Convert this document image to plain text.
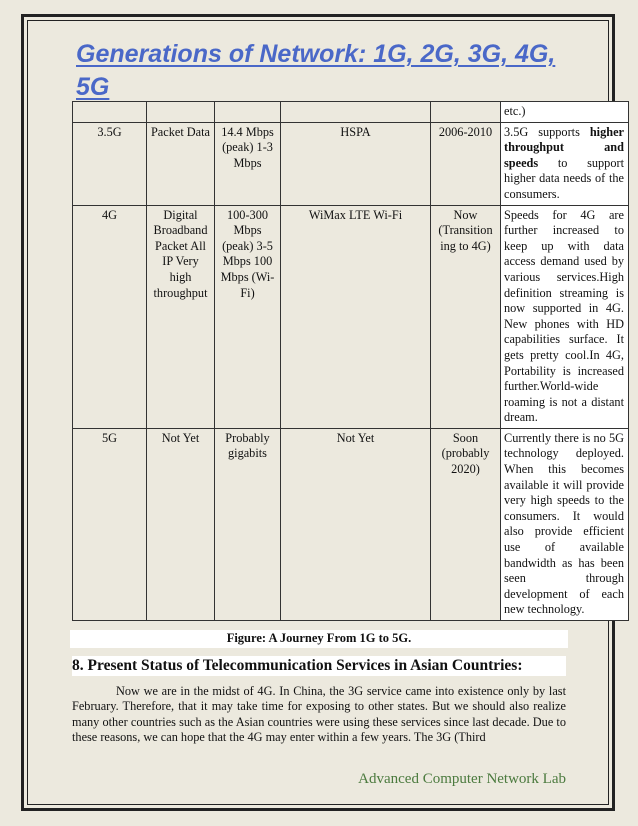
Generations of Network: 1G, 2G, 3G, 4G, 5G
					etc.)
3.5G	Packet Data	14.4 Mbps (peak) 1-3 Mbps	HSPA	2006-2010	3.5G supports higher throughput and speeds to support higher data needs of the consumers.
4G	Digital Broadband Packet All IP Very high throughput	100-300 Mbps (peak) 3-5 Mbps 100 Mbps (Wi-Fi)	WiMax LTE Wi-Fi	Now (Transition ing to 4G)	Speeds for 4G are further increased to keep up with data access demand used by various services.High definition streaming is now supported in 4G. New phones with HD capabilities surface. It gets pretty cool.In 4G, Portability is increased further.World-wide roaming is not a distant dream.
5G	Not Yet	Probably gigabits	Not Yet	Soon (probably 2020)	Currently there is no 5G technology deployed. When this becomes available it will provide very high speeds to the consumers. It would also provide efficient use of available bandwidth as has been seen through development of each new technology.
Figure: A Journey From 1G to 5G.
8. Present Status of Telecommunication Services in Asian Countries:

Now we are in the midst of 4G. In China, the 3G service came into existence only by last February. Therefore, that it may take time for exposing to other states. But we should also realize many other countries such as the Asian countries were using these services since last decade. Due to these reasons, we can hope that the 4G may enter within a few years. The 3G (Third

Advanced Computer Network Lab
